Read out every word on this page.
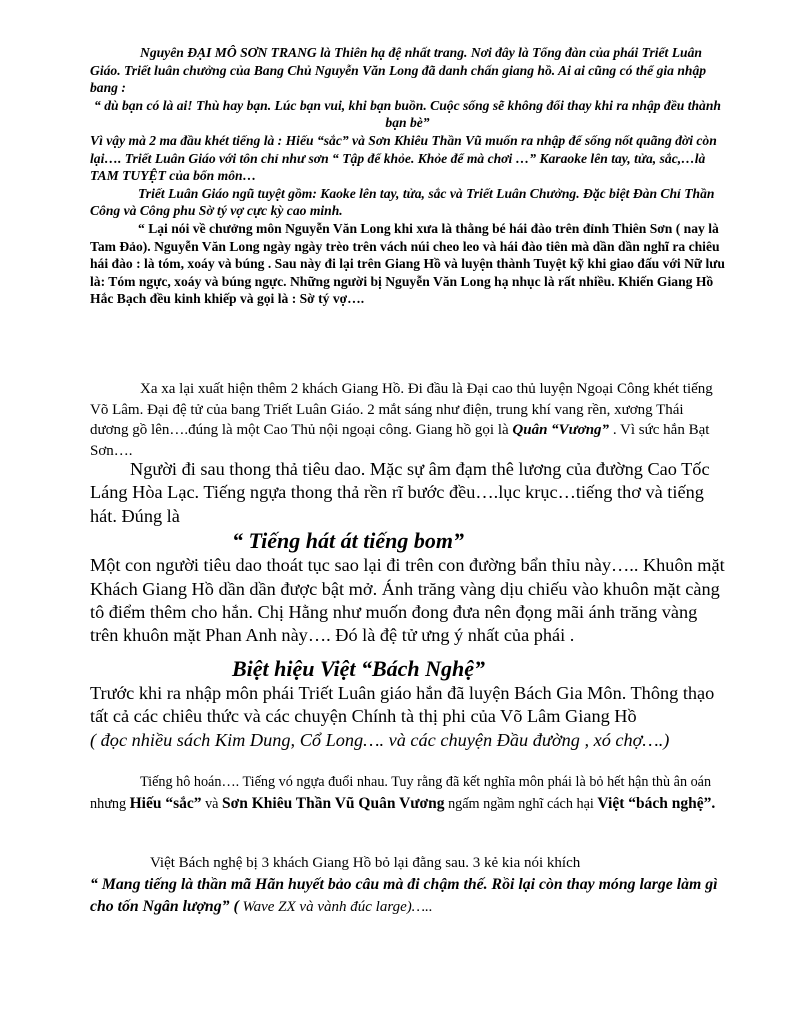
Nguyên ĐẠI MÔ SƠN TRANG là Thiên hạ đệ nhất trang. Nơi đây là Tổng đàn của phái Triết Luân Giáo. Triết luân chưởng của Bang Chủ Nguyễn Văn Long đã danh chấn giang hồ. Ai ai cũng có thể gia nhập bang :

“ dù bạn có là ai! Thù hay bạn. Lúc bạn vui, khi bạn buồn. Cuộc sống sẽ không đổi thay khi ra nhập đều thành bạn bè”

Vì vậy mà 2 ma đầu khét tiếng là : Hiếu “sắc” và Sơn Khiêu Thần Vũ muốn ra nhập để sống nốt quãng đời còn lại…. Triết Luân Giáo với tôn chỉ như sơn “ Tập để khỏe. Khỏe để mà chơi …” Karaoke lên tay, tửa, sắc,…là TAM TUYỆT của bổn môn…

Triết Luân Giáo ngũ tuyệt gồm: Kaoke lên tay, tửa, sắc và Triết Luân Chưởng. Đặc biệt Đàn Chỉ Thần Công và Công phu Sờ tý vợ cực kỳ cao minh.

“ Lại nói về chưởng môn Nguyễn Văn Long khi xưa là thằng bé hái đào trên đỉnh Thiên Sơn ( nay là Tam Đảo). Nguyễn Văn Long ngày ngày trèo trên vách núi cheo leo và hái đào tiên mà dần dần nghĩ ra chiêu hái đào : là tóm, xoáy và búng . Sau này đi lại trên Giang Hồ và luyện thành Tuyệt kỹ khi giao đấu với Nữ lưu là: Tóm ngực, xoáy và búng ngực. Những người bị Nguyễn Văn Long hạ nhục là rất nhiều. Khiến Giang Hồ Hắc Bạch đều kinh khiếp và gọi là : Sờ tý vợ….

Xa xa lại xuất hiện thêm 2 khách Giang Hồ. Đi đầu là Đại cao thủ luyện Ngoại Công khét tiếng Võ Lâm. Đại đệ tử của bang Triết Luân Giáo. 2 mắt sáng như điện, trung khí vang rền, xương Thái dương gồ lên….đúng là một Cao Thủ nội ngoại công. Giang hồ gọi là Quân “Vương” . Vì sức hắn Bạt Sơn….

Người đi sau thong thả tiêu dao. Mặc sự âm đạm thê lương của đường Cao Tốc Láng Hòa Lạc. Tiếng ngựa thong thả rền rĩ bước đều….lục krục…tiếng thơ và tiếng hát. Đúng là

“ Tiếng hát át tiếng bom”

Một con người tiêu dao thoát tục sao lại đi trên con đường bẩn thỉu này….. Khuôn mặt Khách Giang Hồ dần dần được bật mở. Ánh trăng vàng dịu chiếu vào khuôn mặt càng tô điểm thêm cho hắn. Chị Hằng như muốn đong đưa nên đọng mãi ánh trăng vàng trên khuôn mặt Phan Anh này…. Đó là đệ tử ưng ý nhất của phái .

Biệt hiệu Việt “Bách Nghệ”

Trước khi ra nhập môn phái Triết Luân giáo hắn đã luyện Bách Gia Môn. Thông thạo tất cả các chiêu thức và các chuyện Chính tà thị phi của Võ Lâm Giang Hồ

( đọc nhiều sách Kim Dung, Cổ Long…. và các chuyện Đầu đường , xó chợ….)

Tiếng hô hoán…. Tiếng vó ngựa đuổi nhau. Tuy rằng đã kết nghĩa môn phái là bỏ hết hận thù ân oán nhưng Hiếu “sắc” và Sơn Khiêu Thần Vũ Quân Vương ngấm ngầm nghĩ cách hại Việt “bách nghệ”.

Việt Bách nghệ bị 3 khách Giang Hồ bỏ lại đằng sau. 3 kẻ kia nói khích

“ Mang tiếng là thần mã Hãn huyết bảo câu mà đi chậm thế. Rồi lại còn thay móng large làm gì cho tốn Ngân lượng” ( Wave ZX và vành đúc large)…..
